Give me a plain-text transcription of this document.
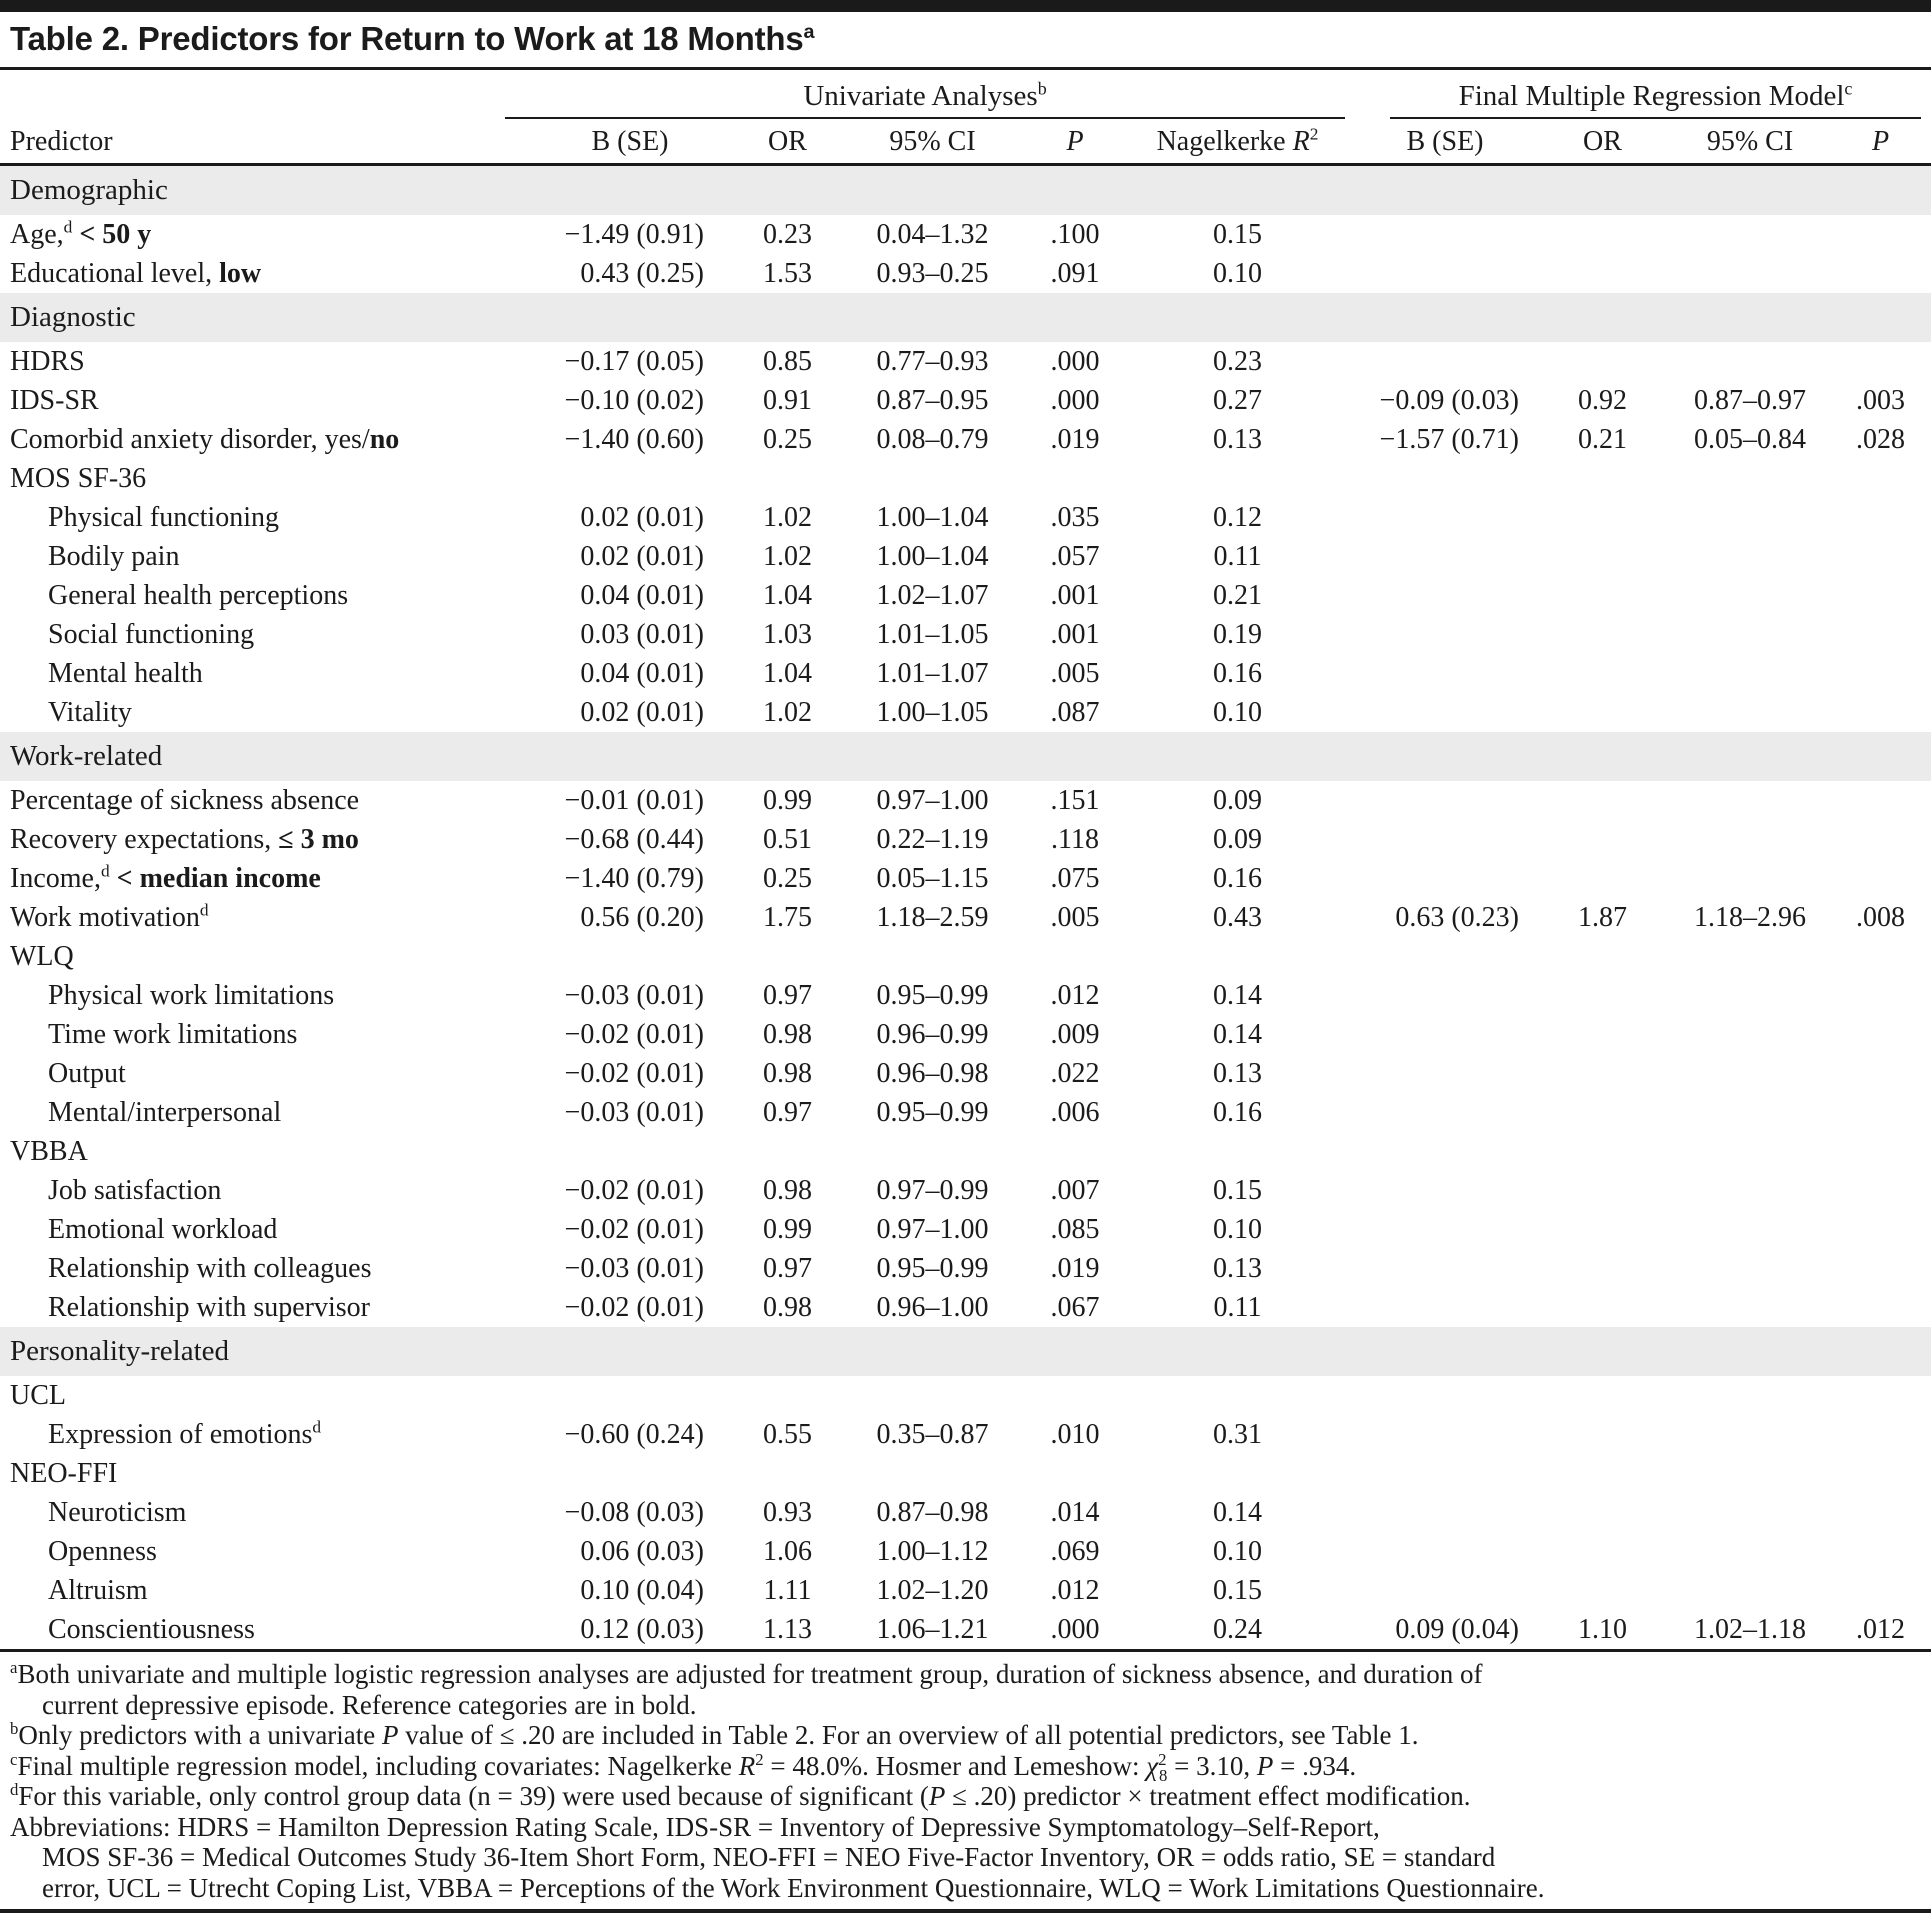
Table 2. Predictors for Return to Work at 18 Months$^a$
Univariate Analyses$^b$	Final Multiple Regression Model$^c$
Predictor	B (SE)	OR	95% CI	P	Nagelkerke $R^2$	B (SE)	OR	95% CI	P
Demographic
Age,$^d$ < 50 y	−1.49 (0.91)	0.23	0.04–1.32	.100	0.15
Educational level, low	0.43 (0.25)	1.53	0.93–0.25	.091	0.10
Diagnostic
HDRS	−0.17 (0.05)	0.85	0.77–0.93	.000	0.23
IDS-SR	−0.10 (0.02)	0.91	0.87–0.95	.000	0.27	−0.09 (0.03)	0.92	0.87–0.97	.003
Comorbid anxiety disorder, yes/no	−1.40 (0.60)	0.25	0.08–0.79	.019	0.13	−1.57 (0.71)	0.21	0.05–0.84	.028
MOS SF-36
Physical functioning	0.02 (0.01)	1.02	1.00–1.04	.035	0.12
Bodily pain	0.02 (0.01)	1.02	1.00–1.04	.057	0.11
General health perceptions	0.04 (0.01)	1.04	1.02–1.07	.001	0.21
Social functioning	0.03 (0.01)	1.03	1.01–1.05	.001	0.19
Mental health	0.04 (0.01)	1.04	1.01–1.07	.005	0.16
Vitality	0.02 (0.01)	1.02	1.00–1.05	.087	0.10
Work-related
Percentage of sickness absence	−0.01 (0.01)	0.99	0.97–1.00	.151	0.09
Recovery expectations, ≤ 3 mo	−0.68 (0.44)	0.51	0.22–1.19	.118	0.09
Income,$^d$ < median income	−1.40 (0.79)	0.25	0.05–1.15	.075	0.16
Work motivation$^d$	0.56 (0.20)	1.75	1.18–2.59	.005	0.43	0.63 (0.23)	1.87	1.18–2.96	.008
WLQ
Physical work limitations	−0.03 (0.01)	0.97	0.95–0.99	.012	0.14
Time work limitations	−0.02 (0.01)	0.98	0.96–0.99	.009	0.14
Output	−0.02 (0.01)	0.98	0.96–0.98	.022	0.13
Mental/interpersonal	−0.03 (0.01)	0.97	0.95–0.99	.006	0.16
VBBA
Job satisfaction	−0.02 (0.01)	0.98	0.97–0.99	.007	0.15
Emotional workload	−0.02 (0.01)	0.99	0.97–1.00	.085	0.10
Relationship with colleagues	−0.03 (0.01)	0.97	0.95–0.99	.019	0.13
Relationship with supervisor	−0.02 (0.01)	0.98	0.96–1.00	.067	0.11
Personality-related
UCL
Expression of emotions$^d$	−0.60 (0.24)	0.55	0.35–0.87	.010	0.31
NEO-FFI
Neuroticism	−0.08 (0.03)	0.93	0.87–0.98	.014	0.14
Openness	0.06 (0.03)	1.06	1.00–1.12	.069	0.10
Altruism	0.10 (0.04)	1.11	1.02–1.20	.012	0.15
Conscientiousness	0.12 (0.03)	1.13	1.06–1.21	.000	0.24	0.09 (0.04)	1.10	1.02–1.18	.012

$^a$Both univariate and multiple logistic regression analyses are adjusted for treatment group, duration of sickness absence, and duration of
current depressive episode. Reference categories are in bold.

$^b$Only predictors with a univariate P value of ≤ .20 are included in Table 2. For an overview of all potential predictors, see Table 1.

$^c$Final multiple regression model, including covariates: Nagelkerke $R^2 = 48.0\%$. Hosmer and Lemeshow: $\chi^2_8 = 3.10$, P = .934.

$^d$For this variable, only control group data (n = 39) were used because of significant (P ≤ .20) predictor × treatment effect modification.

Abbreviations: HDRS = Hamilton Depression Rating Scale, IDS-SR = Inventory of Depressive Symptomatology–Self-Report,
MOS SF-36 = Medical Outcomes Study 36-Item Short Form, NEO-FFI = NEO Five-Factor Inventory, OR = odds ratio, SE = standard
error, UCL = Utrecht Coping List, VBBA = Perceptions of the Work Environment Questionnaire, WLQ = Work Limitations Questionnaire.
